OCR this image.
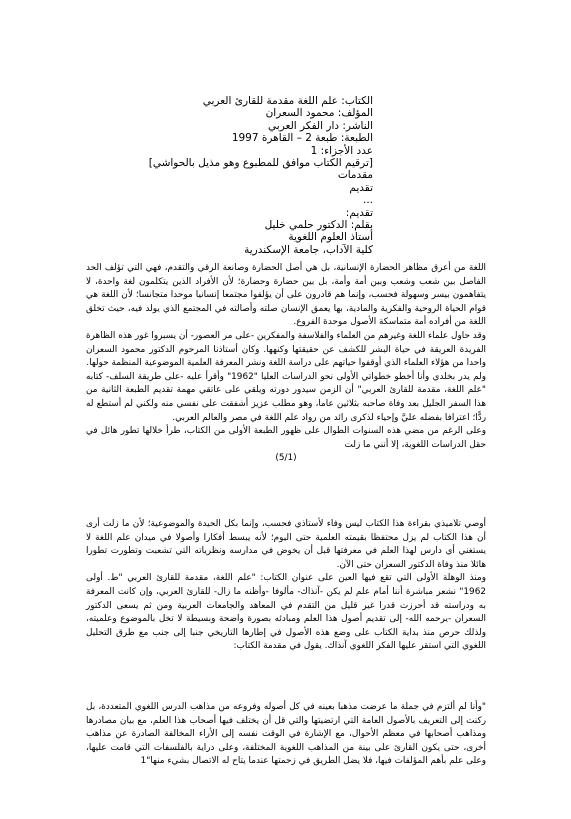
الكتاب: علم اللغة مقدمة للقارئ العربي
المؤلف: محمود السعران
الناشر: دار الفكر العربي
الطبعة: طبعة 2 – القاهرة 1997
عدد الأجزاء: 1
[ترقيم الكتاب موافق للمطبوع وهو مذيل بالحواشي]
مقدمات
تقديم
...
تقديم:
بقلم: الدكتور حلمي خليل
أستاذ العلوم اللغوية
كلية الآداب، جامعة الإسكندرية

اللغة من أعرق مظاهر الحضارة الإنسانية، بل هي أصل الحضارة وصانعة الرقي والتقدم، فهي التي تؤلف الحد الفاصل بين شعب وشعب وبين أمة وأمة، بل بين حضارة وحضارة؛ لأن الأفراد الذين يتكلمون لغة واحدة، لا يتفاهمون بيسر وسهولة فحسب، وإنما هم قادرون على أن يؤلفوا مجتمعا إنسانيا موحدا متجانسا؛ لأن اللغة هي قوام الحياة الروحية والفكرية والمادية، بها يعمق الإنسان صلته وأصالته في المجتمع الذي يولد فيه، حيث تخلق اللغة من أفراده أمة متماسكة الأصول موحدة الفروع.

وقد حاول علماء اللغة وغيرهم من العلماء والفلاسفة والمفكرين -على مر العصور- أن يسبروا غور هذه الظاهرة الفريدة العريقة في حياة البشر للكشف عن حقيقتها وكنهها. وكان أستاذنا المرحوم الدكتور محمود السعران واحدا من هؤلاء العلماء الذي أوقفوا حياتهم على دراسة اللغة ونشر المعرفة العلمية الموضوعية المنظمة حولها.

ولم يدر بخلدي وأنا أخطو خطواتي الأولى نحو الدراسات العليا "1962" وأقرأ عليه -على طريقة السلف- كتابه "علم اللغة، مقدمة للقارئ العربي" أن الزمن سيدور دورته ويلقي على عاتقي مهمة تقديم الطبعة الثانية من هذا السفر الجليل بعد وفاة صاحبه بثلاثين عاما، وهو مطلب عزيز أشفقت على نفسي منه ولكني لم أستطع له ردًّا؛ اعترافا بفضله عليَّ وإحياء لذكرى رائد من رواد علم اللغة في مصر والعالم العربي.

وعلى الرغم من مضي هذه السنوات الطوال على ظهور الطبعة الأولى من الكتاب، طرأ خلالها تطور هائل في حقل الدراسات اللغوية، إلا أنني ما زلت

(5/1)

أوصي تلاميذي بقراءة هذا الكتاب ليس وفاء لأستاذي فحسب، وإنما بكل الحيدة والموضوعية؛ لأن ما زلت أرى أن هذا الكتاب لم يزل محتفظا بقيمته العلمية حتى اليوم؛ لأنه يبسط أفكارا وأصولا في ميدان علم اللغة لا يستغني أي دارس لهذا العلم في معرفتها قبل أن يخوض في مدارسه ونظرياته التي تشعبت وتطورت تطورا هائلا منذ وفاة الدكتور السعران حتى الآن.

ومنذ الوهلة الأولى التي تقع فيها العين على عنوان الكتاب: "علم اللغة، مقدمة للقارئ العربي "ط. أولى 1962" نشعر مباشرة أننا أمام علم لم يكن -آنذاك- مألوفا -وأظنه ما زال- للقارئ العربي، وإن كانت المعرفة به ودراسته قد أحرزت قدرا غير قليل من التقدم في المعاهد والجامعات العربية ومن ثم يسعى الدكتور السعران -يرحمه الله- إلى تقديم أصول هذا العلم ومبادئه بصورة واضحة وبسيطة لا تخل بالموضوع وعلميته، ولذلك حرص منذ بداية الكتاب على وضع هذه الأصول في إطارها التاريخي جنبا إلى جنب مع طرق التحليل اللغوي التي استقر عليها الفكر اللغوي آنذاك. يقول في مقدمة الكتاب:

"وأنا لم ألتزم في جملة ما عرضت مذهبا بعينه في كل أصوله وفروعه من مذاهب الدرس اللغوي المتعددة، بل ركنت إلى التعريف بالأصول العامة التي ارتضيتها والتي قل أن يختلف فيها أصحاب هذا العلم، مع بيان مصادرها ومذاهب أصحابها في معظم الأحوال، مع الإشارة في الوقت نفسه إلى الأراء المخالفة الصادرة عن مذاهب أخرى، حتى يكون القارئ على بينة من المذاهب اللغوية المختلفة، وعلى دراية بالفلسفات التي قامت عليها، وعلى علم بأهم المؤلفات فيها، فلا يضل الطريق في زحمتها عندما يتاح له الاتصال بشيء منها"1
